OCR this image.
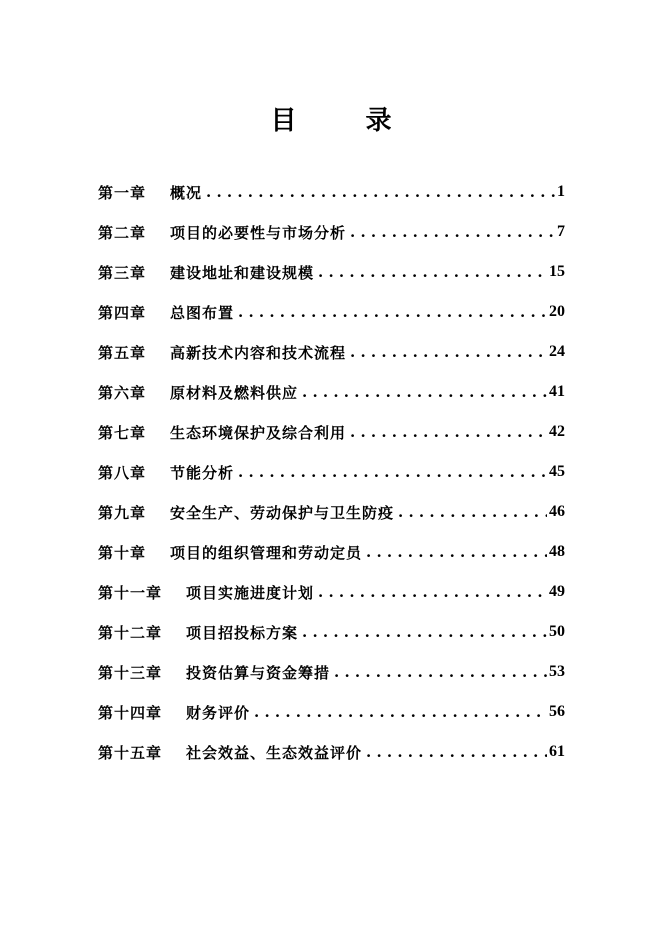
目 录
第一章	概况 . . .	1
第二章	项目的必要性与市场分析 . . .	7
第三章	建设地址和建设规模 . . .	15
第四章	总图布置 . . .	20
第五章	高新技术内容和技术流程 . . .	24
第六章	原材料及燃料供应 . . .	41
第七章	生态环境保护及综合利用 . . .	42
第八章	节能分析 . . .	45
第九章	安全生产、劳动保护与卫生防疫 . . .	46
第十章	项目的组织管理和劳动定员 . . .	48
第十一章	项目实施进度计划 . . .	49
第十二章	项目招投标方案 . . .	50
第十三章	投资估算与资金筹措 . . .	53
第十四章	财务评价 . . .	56
第十五章	社会效益、生态效益评价 . . .	61
